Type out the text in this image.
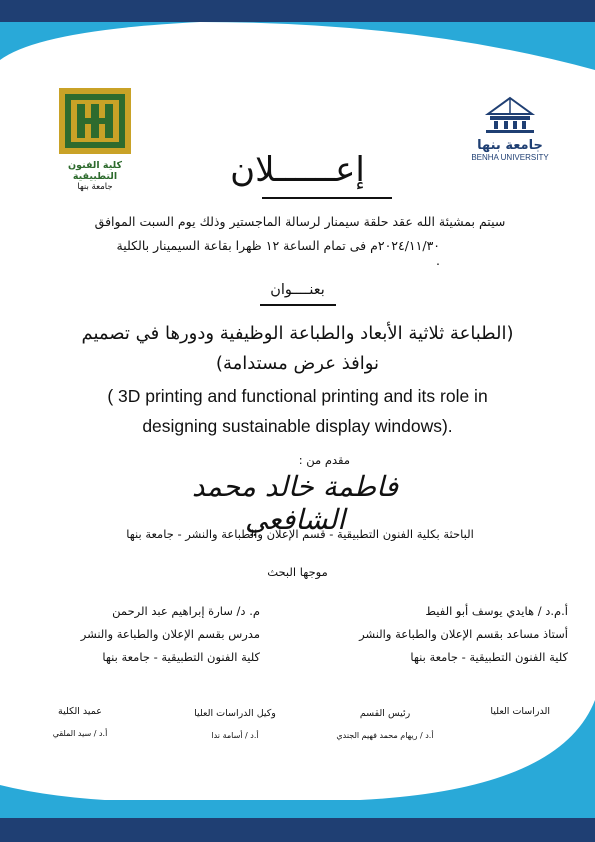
كلية الفنون التطبيقية
جامعة بنها
جامعة بنها
BENHA UNIVERSITY
إعــــــلان
سيتم بمشيئة الله عقد حلقة سيمنار لرسالة الماجستير وذلك يوم السبت الموافق
٢٠٢٤/١١/٣٠م فى تمام الساعة ١٢ ظهرا بقاعة السيمينار بالكلية .
بعنــــوان
(الطباعة ثلاثية الأبعاد والطباعة الوظيفية ودورها في تصميم
نوافذ عرض مستدامة)
( 3D printing and functional printing and its role in
designing sustainable display windows).
مقدم من :
فاطمة خالد محمد الشافعي
الباحثة بكلية الفنون التطبيقية - قسم الإعلان والطباعة والنشر - جامعة بنها
موجها البحث
أ.م.د / هايدي يوسف أبو الفيط
أستاذ مساعد بقسم الإعلان والطباعة والنشر
كلية الفنون التطبيقية - جامعة بنها
م. د/ سارة إبراهيم عبد الرحمن
مدرس بقسم الإعلان والطباعة والنشر
كلية الفنون التطبيقية - جامعة بنها
الدراسات العليا
رئيس القسم
أ.د / ريهام محمد فهيم الجندي
وكيل الدراسات العليا
أ.د / أسامة ندا
عميد الكلية
أ.د / سيد الملقي
